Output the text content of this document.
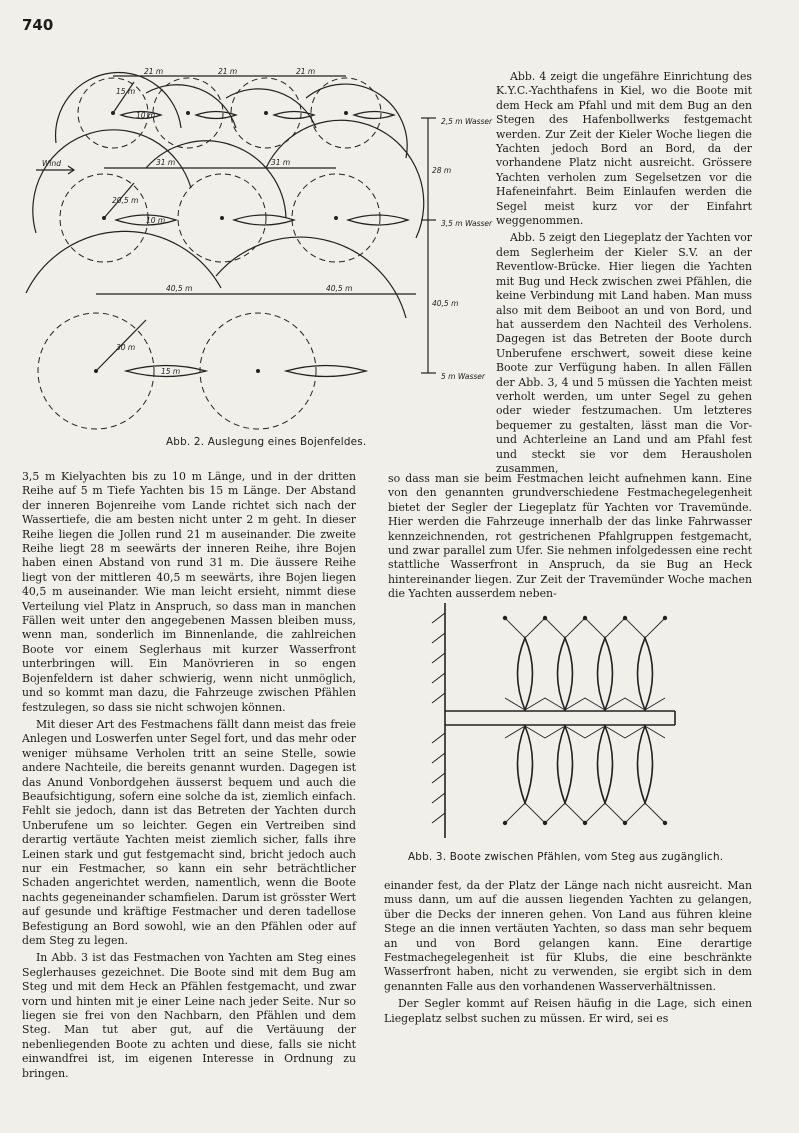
740
21 m	21 m	21 m
31 m	31 m
40,5 m	40,5 m
15 m
20,5 m
30 m
10 m
10 m
15 m
2,5 m Wasser
3,5 m Wasser
5 m Wasser
28 m
40,5 m
Wind
Abb. 2. Auslegung eines Bojenfeldes.

Abb. 4 zeigt die ungefähre Einrichtung des K.Y.C.-Yachthafens in Kiel, wo die Boote mit dem Heck am Pfahl und mit dem Bug an den Stegen des Hafenbollwerks festgemacht werden. Zur Zeit der Kieler Woche liegen die Yachten jedoch Bord an Bord, da der vorhandene Platz nicht ausreicht. Grössere Yachten verholen zum Segelsetzen vor die Hafeneinfahrt. Beim Einlaufen werden die Segel meist kurz vor der Einfahrt weggenommen.

Abb. 5 zeigt den Liegeplatz der Yachten vor dem Seglerheim der Kieler S.V. an der Reventlow-Brücke. Hier liegen die Yachten mit Bug und Heck zwischen zwei Pfählen, die keine Verbindung mit Land haben. Man muss also mit dem Beiboot an und von Bord, und hat ausserdem den Nachteil des Verholens. Dagegen ist das Betreten der Boote durch Unberufene erschwert, soweit diese keine Boote zur Verfügung haben. In allen Fällen der Abb. 3, 4 und 5 müssen die Yachten meist verholt werden, um unter Segel zu gehen oder wieder festzumachen. Um letzteres bequemer zu gestalten, lässt man die Vor- und Achterleine an Land und am Pfahl fest und steckt sie vor dem Herausholen zusammen,

so dass man sie beim Festmachen leicht aufnehmen kann. Eine von den genannten grundverschiedene Festmachegelegenheit bietet der Segler der Liegeplatz für Yachten vor Travemünde. Hier werden die Fahrzeuge innerhalb der das linke Fahrwasser kennzeichnenden, rot gestrichenen Pfahlgruppen festgemacht, und zwar parallel zum Ufer. Sie nehmen infolgedessen eine recht stattliche Wasserfront in Anspruch, da sie Bug an Heck hintereinander liegen. Zur Zeit der Travemünder Woche machen die Yachten ausserdem neben-

3,5 m Kielyachten bis zu 10 m Länge, und in der dritten Reihe auf 5 m Tiefe Yachten bis 15 m Länge. Der Abstand der inneren Bojenreihe vom Lande richtet sich nach der Wassertiefe, die am besten nicht unter 2 m geht. In dieser Reihe liegen die Jollen rund 21 m auseinander. Die zweite Reihe liegt 28 m seewärts der inneren Reihe, ihre Bojen haben einen Abstand von rund 31 m. Die äussere Reihe liegt von der mittleren 40,5 m seewärts, ihre Bojen liegen 40,5 m auseinander. Wie man leicht ersieht, nimmt diese Verteilung viel Platz in Anspruch, so dass man in manchen Fällen weit unter den angegebenen Massen bleiben muss, wenn man, sonderlich im Binnenlande, die zahlreichen Boote vor einem Seglerhaus mit kurzer Wasserfront unterbringen will. Ein Manövrieren in so engen Bojenfeldern ist daher schwierig, wenn nicht unmöglich, und so kommt man dazu, die Fahrzeuge zwischen Pfählen festzulegen, so dass sie nicht schwojen können.

Mit dieser Art des Festmachens fällt dann meist das freie Anlegen und Loswerfen unter Segel fort, und das mehr oder weniger mühsame Verholen tritt an seine Stelle, sowie andere Nachteile, die bereits genannt wurden. Dagegen ist das Anund Vonbordgehen äusserst bequem und auch die Beaufsichtigung, sofern eine solche da ist, ziemlich einfach. Fehlt sie jedoch, dann ist das Betreten der Yachten durch Unberufene um so leichter. Gegen ein Vertreiben sind derartig vertäute Yachten meist ziemlich sicher, falls ihre Leinen stark und gut festgemacht sind, bricht jedoch auch nur ein Festmacher, so kann ein sehr beträchtlicher Schaden angerichtet werden, namentlich, wenn die Boote nachts gegeneinander schamfielen. Darum ist grösster Wert auf gesunde und kräftige Festmacher und deren tadellose Befestigung an Bord sowohl, wie an den Pfählen oder auf dem Steg zu legen.

In Abb. 3 ist das Festmachen von Yachten am Steg eines Seglerhauses gezeichnet. Die Boote sind mit dem Bug am Steg und mit dem Heck an Pfählen festgemacht, und zwar vorn und hinten mit je einer Leine nach jeder Seite. Nur so liegen sie frei von den Nachbarn, den Pfählen und dem Steg. Man tut aber gut, auf die Vertäuung der nebenliegenden Boote zu achten und diese, falls sie nicht einwandfrei ist, im eigenen Interesse in Ordnung zu bringen.

Abb. 3. Boote zwischen Pfählen, vom Steg aus zugänglich.

einander fest, da der Platz der Länge nach nicht ausreicht. Man muss dann, um auf die aussen liegenden Yachten zu gelangen, über die Decks der inneren gehen. Von Land aus führen kleine Stege an die innen vertäuten Yachten, so dass man sehr bequem an und von Bord gelangen kann. Eine derartige Festmachegelegenheit ist für Klubs, die eine beschränkte Wasserfront haben, nicht zu verwenden, sie ergibt sich in dem genannten Falle aus den vorhandenen Wasserverhältnissen.

Der Segler kommt auf Reisen häufig in die Lage, sich einen Liegeplatz selbst suchen zu müssen. Er wird, sei es
